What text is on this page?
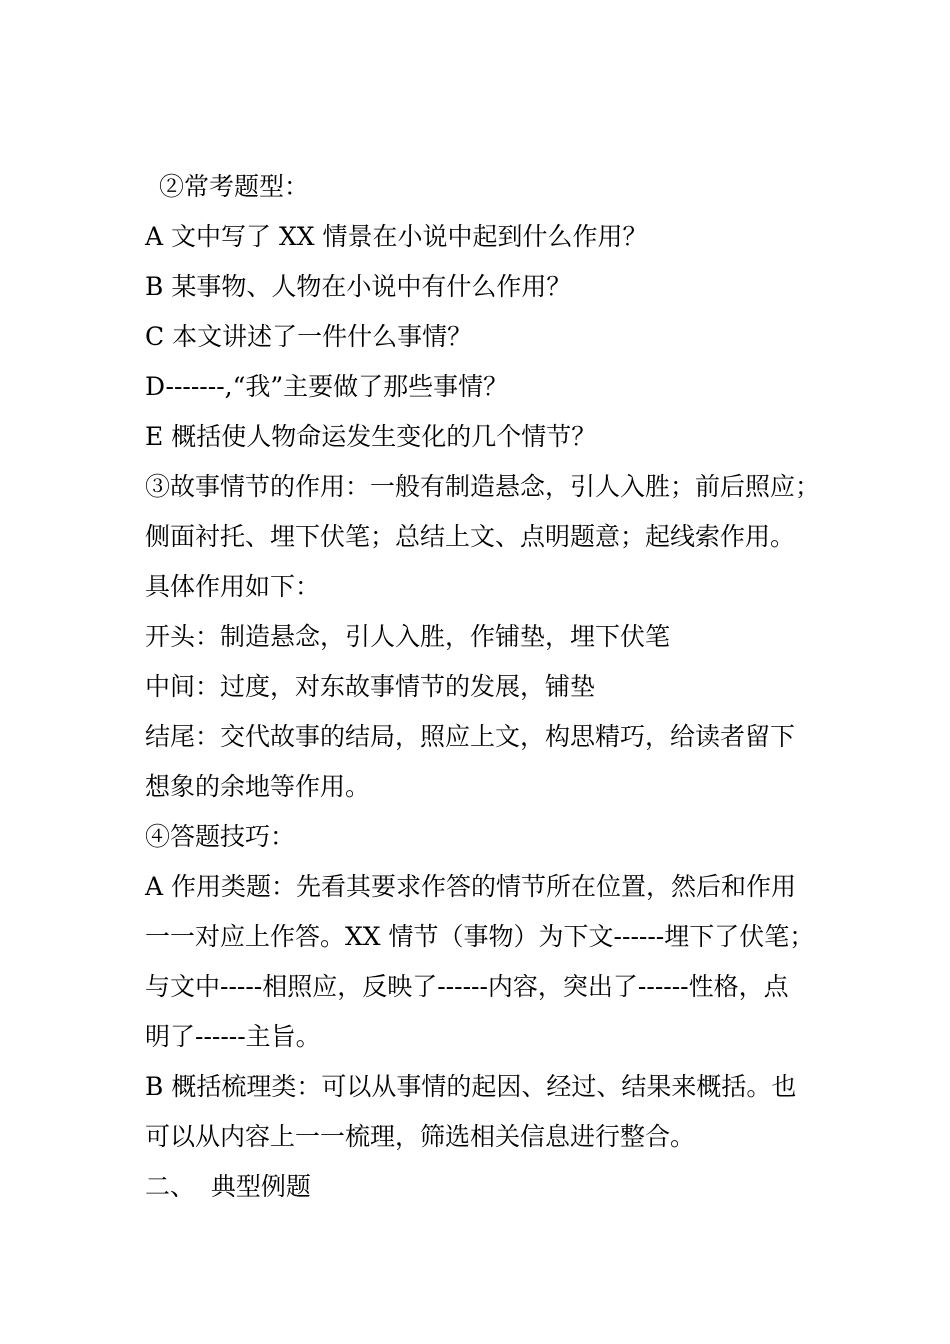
②常考题型：

A 文中写了 XX 情景在小说中起到什么作用？

B 某事物、人物在小说中有什么作用？

C 本文讲述了一件什么事情？

D-------,“我”主要做了那些事情？

E 概括使人物命运发生变化的几个情节？

③故事情节的作用：一般有制造悬念，引人入胜；前后照应；

侧面衬托、埋下伏笔；总结上文、点明题意；起线索作用。

具体作用如下：

开头：制造悬念，引人入胜，作铺垫，埋下伏笔

中间：过度，对东故事情节的发展，铺垫

结尾：交代故事的结局，照应上文，构思精巧，给读者留下

想象的余地等作用。

④答题技巧：

A 作用类题：先看其要求作答的情节所在位置，然后和作用

一一对应上作答。XX 情节（事物）为下文------埋下了伏笔；

与文中-----相照应，反映了------内容，突出了------性格，点

明了------主旨。

B 概括梳理类：可以从事情的起因、经过、结果来概括。也

可以从内容上一一梳理，筛选相关信息进行整合。

二、  典型例题
